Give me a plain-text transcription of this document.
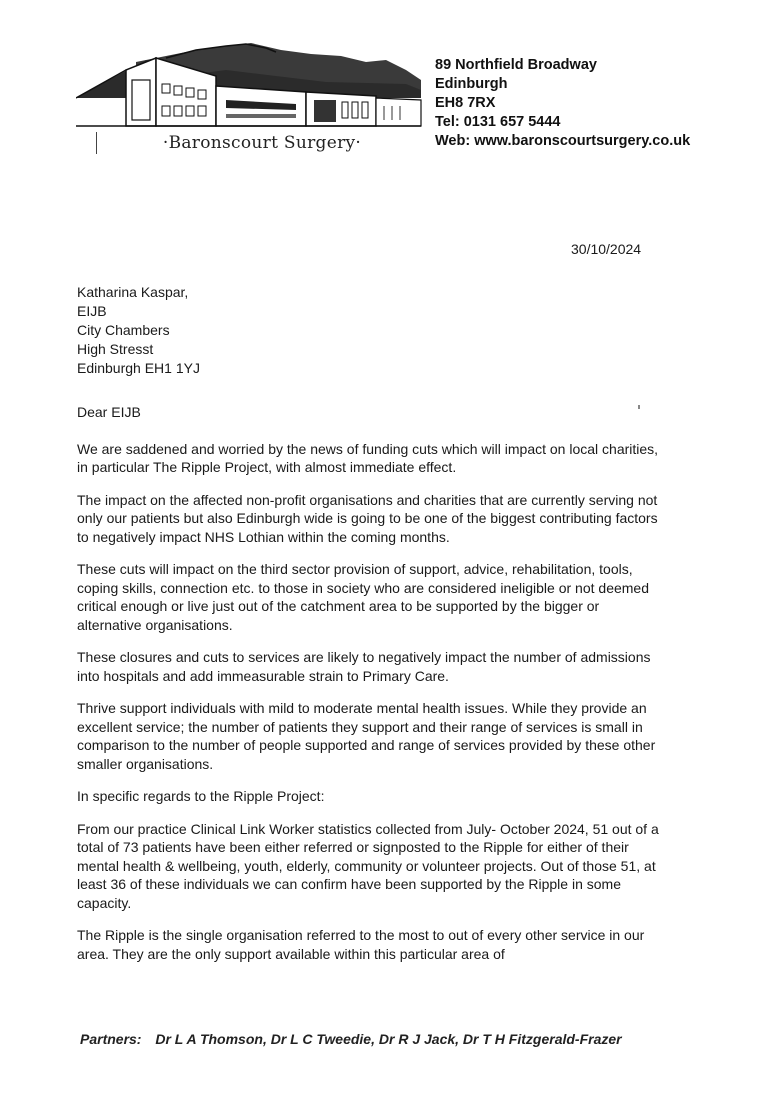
·Baronscourt Surgery·
89 Northfield Broadway
Edinburgh
EH8 7RX
Tel: 0131 657 5444
Web: www.baronscourtsurgery.co.uk
30/10/2024
Katharina Kaspar,
EIJB
City Chambers
High Stresst
Edinburgh EH1 1YJ

Dear EIJB

We are saddened and worried by the news of funding cuts which will impact on local charities, in particular The Ripple Project, with almost immediate effect.

The impact on the affected non-profit organisations and charities that are currently serving not only our patients but also Edinburgh wide is going to be one of the biggest contributing factors to negatively impact NHS Lothian within the coming months.

These cuts will impact on the third sector provision of support, advice, rehabilitation, tools, coping skills, connection etc. to those in society who are considered ineligible or not deemed critical enough or live just out of the catchment area to be supported by the bigger or alternative organisations.

These closures and cuts to services are likely to negatively impact the number of admissions into hospitals and add immeasurable strain to Primary Care.

Thrive support individuals with mild to moderate mental health issues. While they provide an excellent service; the number of patients they support and their range of services is small in comparison to the number of people supported and range of services provided by these other smaller organisations.

In specific regards to the Ripple Project:

From our practice Clinical Link Worker statistics collected from July- October 2024, 51 out of a total of 73 patients have been either referred or signposted to the Ripple for either of their mental health & wellbeing, youth, elderly, community or volunteer projects. Out of those 51, at least 36 of these individuals we can confirm have been supported by the Ripple in some capacity.

The Ripple is the single organisation referred to the most to out of every other service in our area. They are the only support available within this particular area of

Partners: Dr L A Thomson, Dr L C Tweedie, Dr R J Jack, Dr T H Fitzgerald-Frazer
